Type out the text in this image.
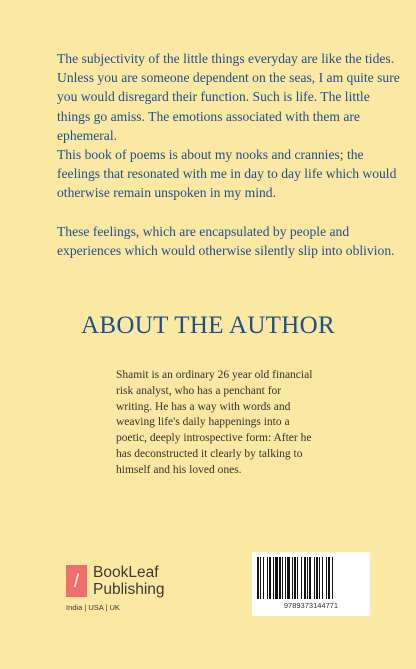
The subjectivity of the little things everyday are like the tides. Unless you are someone dependent on the seas, I am quite sure you would disregard their function. Such is life. The little things go amiss. The emotions associated with them are ephemeral.
This book of poems is about my nooks and crannies; the feelings that resonated with me in day to day life which would otherwise remain unspoken in my mind.

These feelings, which are encapsulated by people and experiences which would otherwise silently slip into oblivion.

ABOUT THE AUTHOR
Shamit is an ordinary 26 year old financial risk analyst, who has a penchant for writing. He has a way with words and weaving life's daily happenings into a poetic, deeply introspective form: After he has deconstructed it clearly by talking to himself and his loved ones.
/ BookLeaf
Publishing
India | USA | UK	9789373144771
